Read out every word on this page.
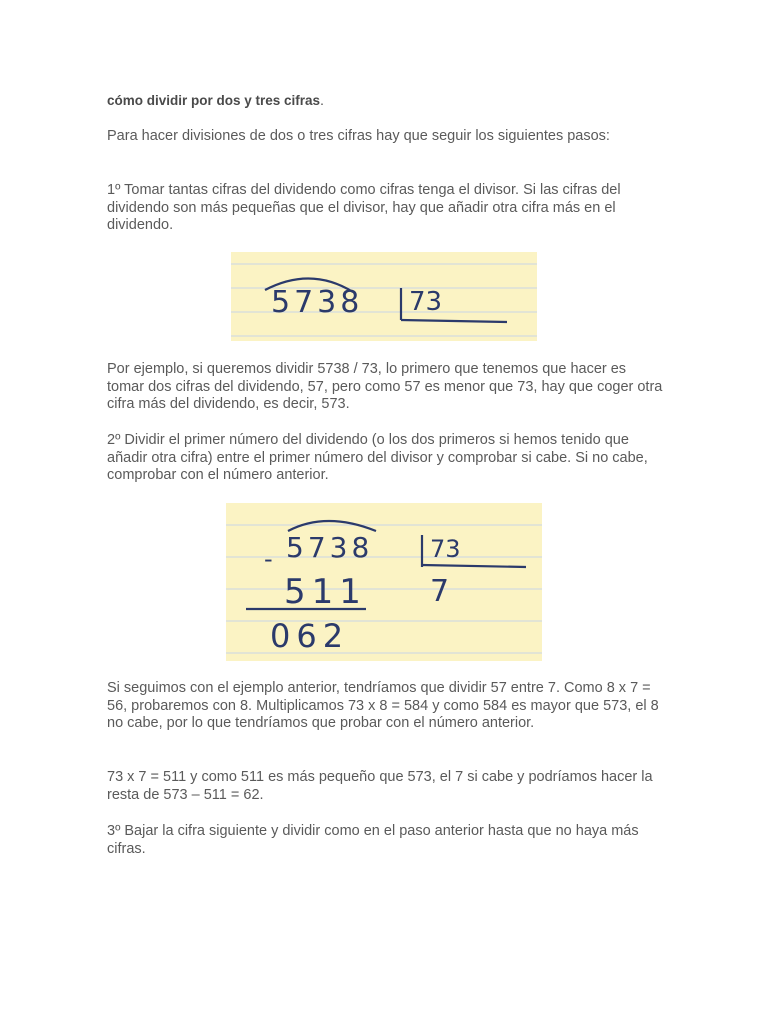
cómo dividir por dos y tres cifras.

Para hacer divisiones de dos o tres cifras hay que seguir los siguientes pasos:

1º Tomar tantas cifras del dividendo como cifras tenga el divisor. Si las cifras del dividendo son más pequeñas que el divisor, hay que añadir otra cifra más en el dividendo.

Por ejemplo, si queremos dividir 5738 / 73, lo primero que tenemos que hacer es tomar dos cifras del dividendo, 57, pero como 57 es menor que 73, hay que coger otra cifra más del dividendo, es decir, 573.

2º Dividir el primer número del dividendo (o los dos primeros si hemos tenido que añadir otra cifra) entre el primer número del divisor y comprobar si cabe. Si no cabe, comprobar con el número anterior.

Si seguimos con el ejemplo anterior, tendríamos que dividir 57 entre 7. Como 8 x 7 = 56, probaremos con 8. Multiplicamos 73 x 8 = 584 y como 584 es mayor que 573, el 8 no cabe, por lo que tendríamos que probar con el número anterior.

73 x 7 = 511 y como 511 es más pequeño que 573, el 7 si cabe y podríamos hacer la resta de 573 – 511 = 62.

3º Bajar la cifra siguiente y dividir como en el paso anterior hasta que no haya más cifras.

5738 73
- 5738 73
511 7
062
